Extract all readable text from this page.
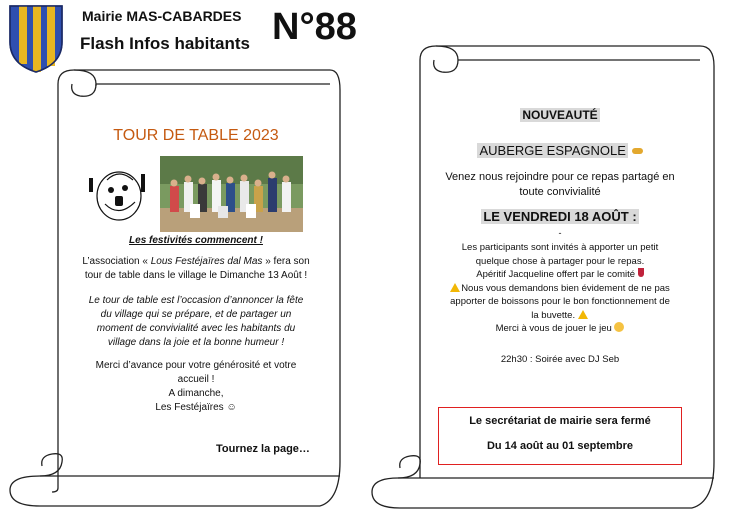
Mairie MAS-CABARDES
Flash Infos habitants N°88
TOUR DE TABLE 2023
Les festivités commencent !
L’association « Lous Festéjaïres dal Mas » fera son tour de table dans le village le Dimanche 13 Août !
Le tour de table est l’occasion d’annoncer la fête
du village qui se prépare, et de partager un
moment de convivialité avec les habitants du
village dans la joie et la bonne humeur !
Merci d’avance pour votre générosité et votre
accueil !
A dimanche,
Les Festéjaïres ☺
Tournez la page…
NOUVEAUTÉ
AUBERGE ESPAGNOLE
Venez nous rejoindre pour ce repas partagé en
toute convivialité
LE VENDREDI 18 AOÛT :
-
Les participants sont invités à apporter un petit
quelque chose à partager pour le repas.
Apéritif Jacqueline offert par le comité
Nous vous demandons bien évidement de ne pas
apporter de boissons pour le bon fonctionnement de
la buvette.
Merci à vous de jouer le jeu
22h30 : Soirée avec DJ Seb
Le secrétariat de mairie sera fermé
Du 14 août au 01 septembre
